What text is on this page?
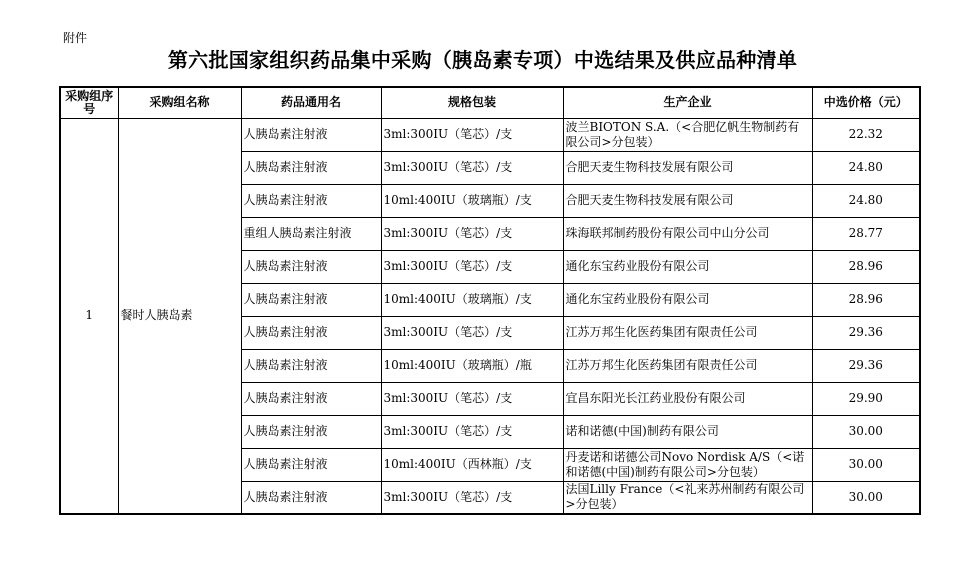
附件
第六批国家组织药品集中采购（胰岛素专项）中选结果及供应品种清单
采购组序号	采购组名称	药品通用名	规格包装	生产企业	中选价格（元）
1	餐时人胰岛素	人胰岛素注射液	3ml:300IU（笔芯）/支	波兰BIOTON S.A.（<合肥亿帆生物制药有限公司>分包装）	22.32
		人胰岛素注射液	3ml:300IU（笔芯）/支	合肥天麦生物科技发展有限公司	24.80
		人胰岛素注射液	10ml:400IU（玻璃瓶）/支	合肥天麦生物科技发展有限公司	24.80
		重组人胰岛素注射液	3ml:300IU（笔芯）/支	珠海联邦制药股份有限公司中山分公司	28.77
		人胰岛素注射液	3ml:300IU（笔芯）/支	通化东宝药业股份有限公司	28.96
		人胰岛素注射液	10ml:400IU（玻璃瓶）/支	通化东宝药业股份有限公司	28.96
		人胰岛素注射液	3ml:300IU（笔芯）/支	江苏万邦生化医药集团有限责任公司	29.36
		人胰岛素注射液	10ml:400IU（玻璃瓶）/瓶	江苏万邦生化医药集团有限责任公司	29.36
		人胰岛素注射液	3ml:300IU（笔芯）/支	宜昌东阳光长江药业股份有限公司	29.90
		人胰岛素注射液	3ml:300IU（笔芯）/支	诺和诺德(中国)制药有限公司	30.00
		人胰岛素注射液	10ml:400IU（西林瓶）/支	丹麦诺和诺德公司Novo Nordisk A/S（<诺和诺德(中国)制药有限公司>分包装）	30.00
		人胰岛素注射液	3ml:300IU（笔芯）/支	法国Lilly France（<礼来苏州制药有限公司>分包装）	30.00
